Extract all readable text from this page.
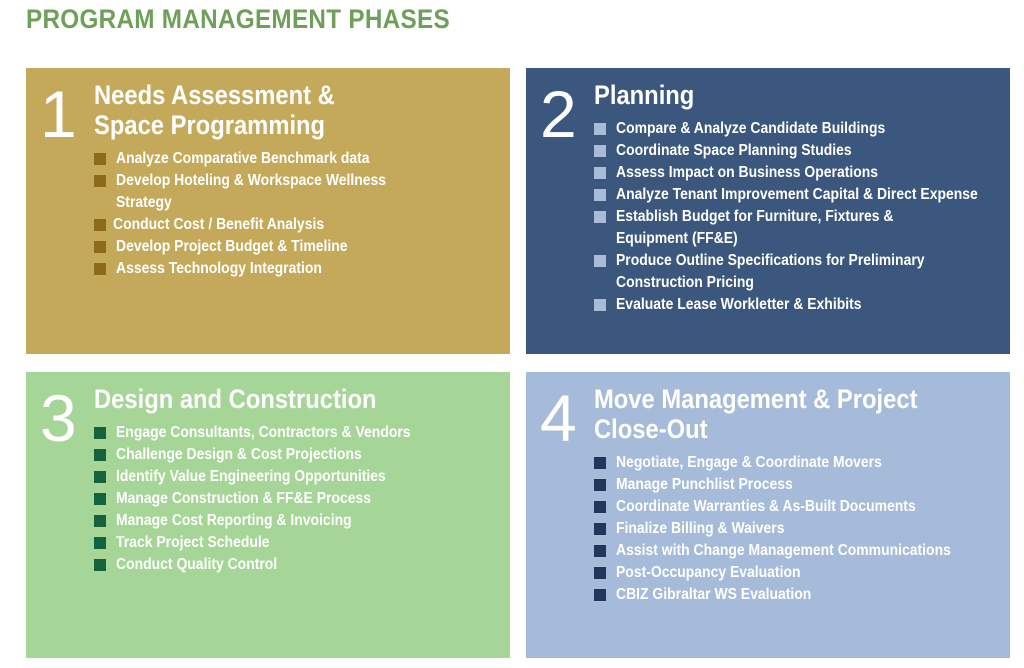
PROGRAM MANAGEMENT PHASES
1 Needs Assessment &
Space Programming
Analyze Comparative Benchmark data
Develop Hoteling & Workspace Wellness
Strategy
Conduct Cost / Benefit Analysis
Develop Project Budget & Timeline
Assess Technology Integration
2 Planning
Compare & Analyze Candidate Buildings
Coordinate Space Planning Studies
Assess Impact on Business Operations
Analyze Tenant Improvement Capital & Direct Expense
Establish Budget for Furniture, Fixtures &
Equipment (FF&E)
Produce Outline Specifications for Preliminary
Construction Pricing
Evaluate Lease Workletter & Exhibits
3 Design and Construction
Engage Consultants, Contractors & Vendors
Challenge Design & Cost Projections
Identify Value Engineering Opportunities
Manage Construction & FF&E Process
Manage Cost Reporting & Invoicing
Track Project Schedule
Conduct Quality Control
4 Move Management & Project
Close-Out
Negotiate, Engage & Coordinate Movers
Manage Punchlist Process
Coordinate Warranties & As-Built Documents
Finalize Billing & Waivers
Assist with Change Management Communications
Post-Occupancy Evaluation
CBIZ Gibraltar WS Evaluation
